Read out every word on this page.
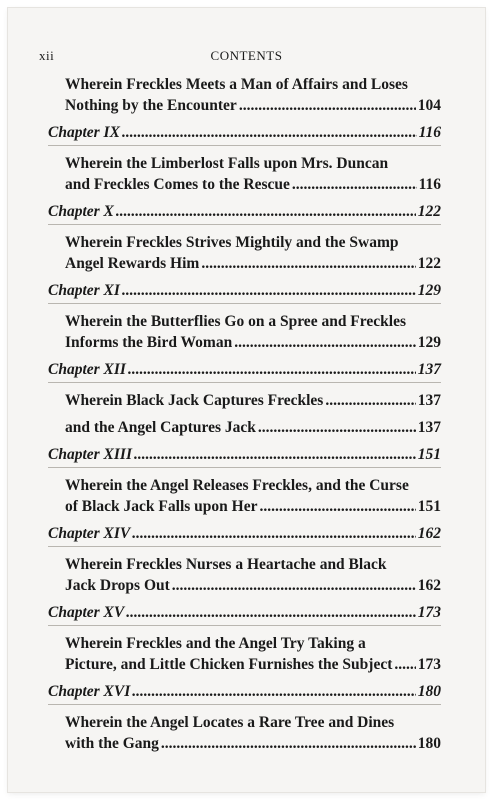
xii	CONTENTS
Wherein Freckles Meets a Man of Affairs and Loses
Nothing by the Encounter .....	104
Chapter IX .....	116
Wherein the Limberlost Falls upon Mrs. Duncan
and Freckles Comes to the Rescue .....	116
Chapter X .....	122
Wherein Freckles Strives Mightily and the Swamp
Angel Rewards Him .....	122
Chapter XI .....	129
Wherein the Butterflies Go on a Spree and Freckles
Informs the Bird Woman .....	129
Chapter XII .....	137
Wherein Black Jack Captures Freckles .....	137
and the Angel Captures Jack .....	137
Chapter XIII .....	151
Wherein the Angel Releases Freckles, and the Curse
of Black Jack Falls upon Her .....	151
Chapter XIV .....	162
Wherein Freckles Nurses a Heartache and Black
Jack Drops Out .....	162
Chapter XV .....	173
Wherein Freckles and the Angel Try Taking a
Picture, and Little Chicken Furnishes the Subject ..... 173
Chapter XVI .....	180
Wherein the Angel Locates a Rare Tree and Dines
with the Gang .....	180
